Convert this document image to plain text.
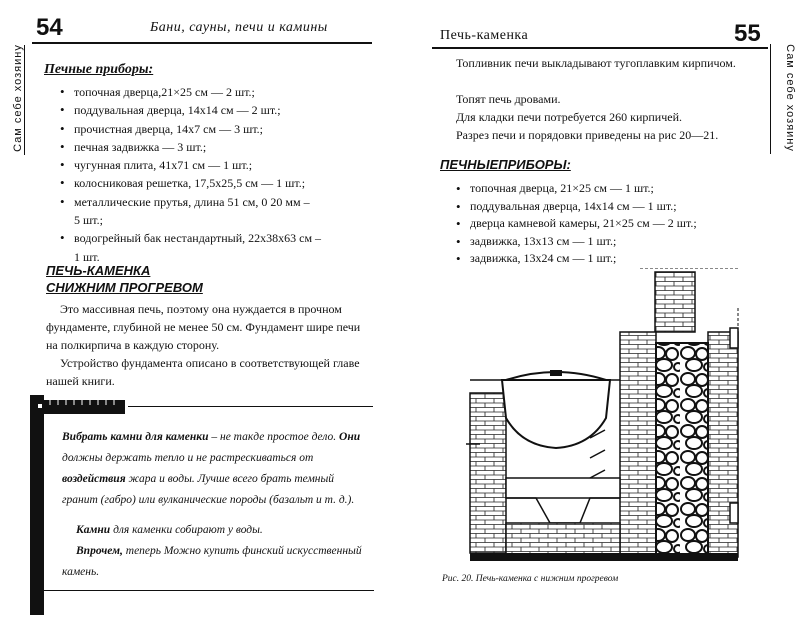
54	Бани, сауны, печи и камины
Сам себе хозяину Печные приборы:
• топочная дверца,21×25 см — 2 шт.;
• поддувальная дверца, 14х14 см — 2 шт.;
• прочистная дверца, 14х7 см — 3 шт.;
• печная задвижка — 3 шт.;
• чугунная плита, 41х71 см — 1 шт.;
• колосниковая решетка, 17,5х25,5 см — 1 шт.;
• металлические прутья, длина 51 см, 0 20 мм –
5 шт.;
• водогрейный бак нестандартный, 22х38х63 см –
1 шт.
ПЕЧЬ-КАМЕНКА
СНИЖНИМ ПРОГРЕВОМ
Это массивная печь, поэтому она нуждается в прочном фундаменте, глубиной не менее 50 см. Фундамент шире печи на полкирпича в каждую сторону.
Устройство фундамента описано в соответствующей главе нашей книги.
Вибрать камни для каменки – не такде простое дело. Они должны держать тепло и не растрескиваться от воздействия жара и воды. Лучше всего брать темный гранит (габро) или вулканические породы (базальт и т. д.).
Камни для каменки собирают у воды.
Впрочем, теперь Можно купить финский искусственный камень.
Печь-каменка	55
Сам себе хозяину
Топливник печи выкладывают тугоплавким кирпичом.
Топят печь дровами.
Для кладки печи потребуется 260 кирпичей.
Разрез печи и порядовки приведены на рис 20—21.
ПЕЧНЫЕПРИБОРЫ:
• топочная дверца, 21×25 см — 1 шт.;
• поддувальная дверца, 14х14 см — 1 шт.;
• дверца камневой камеры, 21×25 см — 2 шт.;
• задвижка, 13х13 см — 1 шт.;
• задвижка, 13х24 см — 1 шт.;
Рис. 20. Печь-каменка с нижним прогревом
